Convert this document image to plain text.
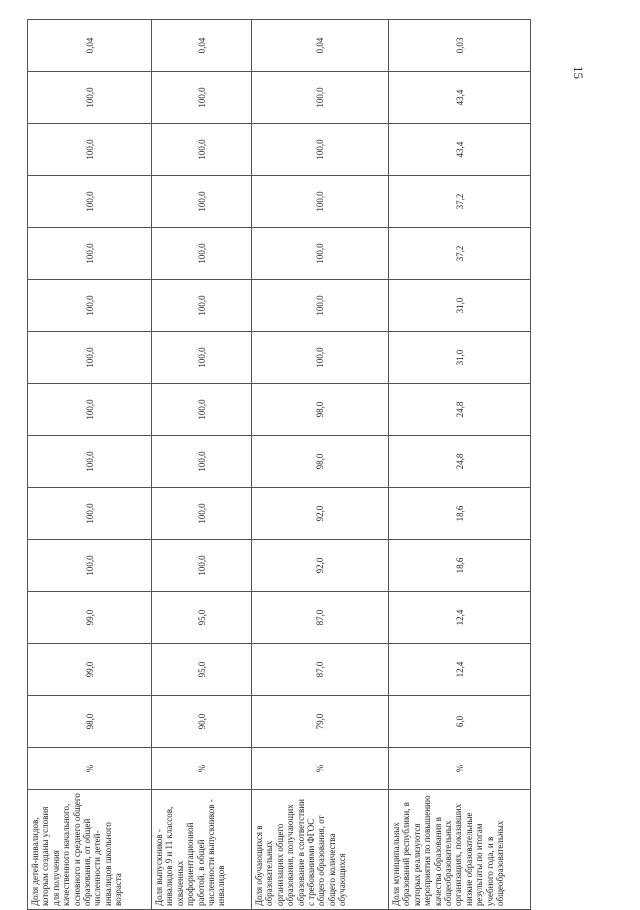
15
Доля детей-инвалидов, которым созданы условия для получения качественного начального, основного и среднего общего образования, от общей численности детей-инвалидов школьного возраста	%	98,0	99,0	99,0	100,0	100,0	100,0	100,0	100,0	100,0	100,0	100,0	100,0	100,0	0,04
Доля выпускников - инвалидов 9 и 11 классов, охваченных профориентационной работой, в общей численности выпускников - инвалидов	%	90,0	95,0	95,0	100,0	100,0	100,0	100,0	100,0	100,0	100,0	100,0	100,0	100,0	0,04
Доля обучающихся в образовательных организациях общего образования, получающих образование в соответствии с требованиями ФГОС общего образования, от общего количества обучающихся	%	79,0	87,0	87,0	92,0	92,0	98,0	98,0	100,0	100,0	100,0	100,0	100,0	100,0	0,04
Доля муниципальных образований республики, в которых реализуются мероприятия по повышению качества образования в общеобразовательных организациях, показавших низкие образовательные результаты по итогам учебного года, и в общеобразовательных	%	6,0	12,4	12,4	18,6	18,6	24,8	24,8	31,0	31,0	37,2	37,2	43,4	43,4	0,03
